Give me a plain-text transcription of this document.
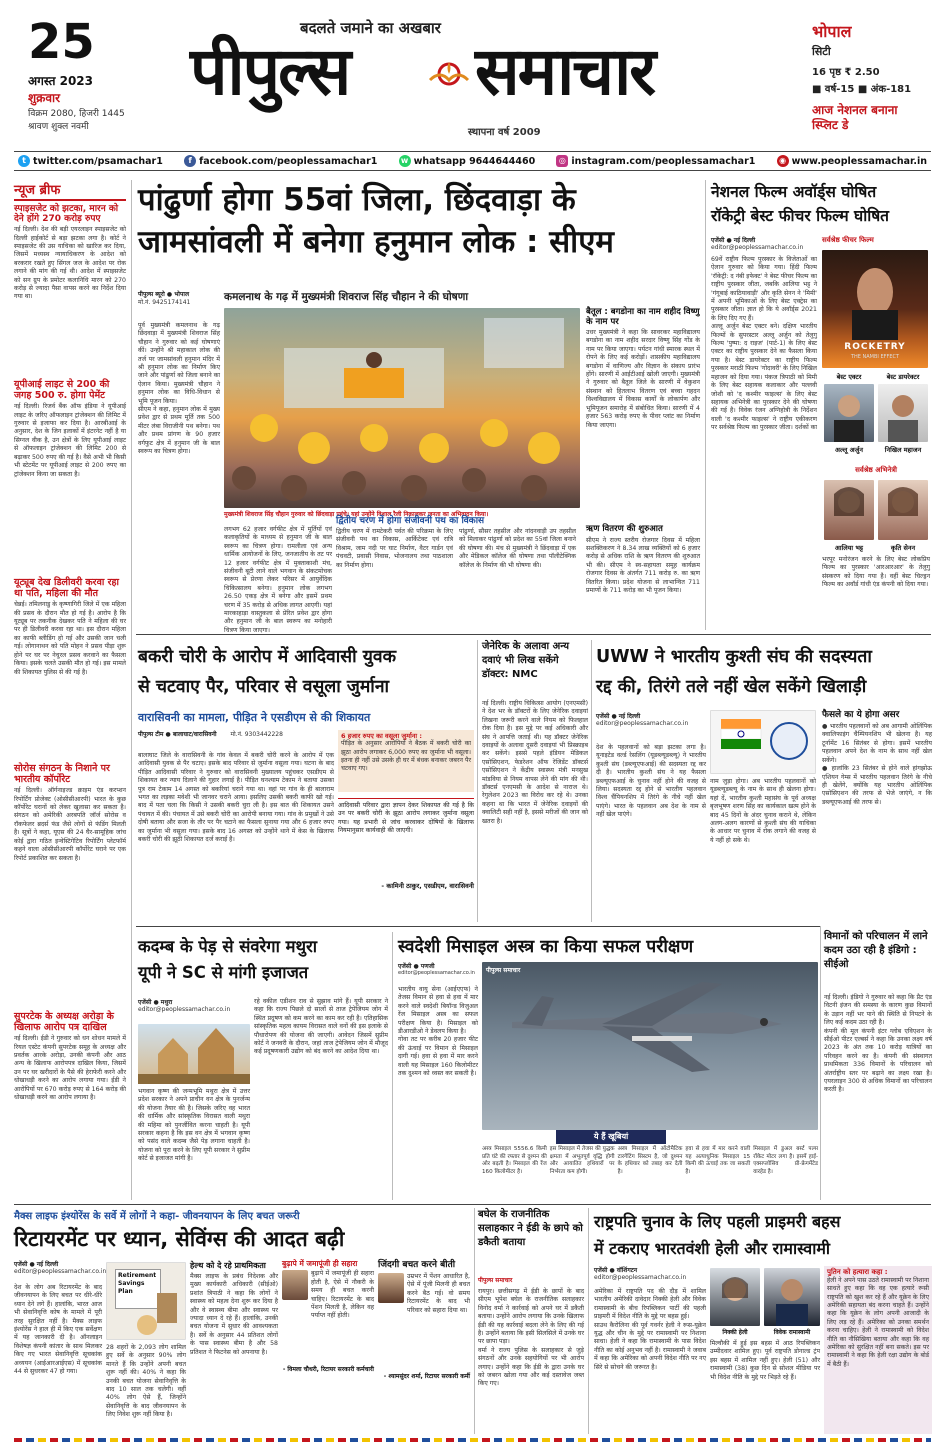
25
अगस्त 2023
शुक्रवार
विक्रम 2080, हिजरी 1445
श्रावण शुक्ल नवमी
बदलते जमाने का अखबार
पीपुल्स समाचार
स्थापना वर्ष 2009
भोपाल
सिटी
16 पृष्ठ ₹ 2.50
■ वर्ष-15 ■ अंक-181
आज नेशनल बनाना स्प्लिट डे
t twitter.com/psamachar1	f facebook.com/peoplessamachar1	w whatsapp 9644644460	◎ instagram.com/peoplessamachar1	◉ www.peoplessamachar.in
न्यूज ब्रीफ
स्पाइसजेट को झटका, मारन को देने होंगे 270 करोड़ रुपए
नई दिल्ली। देश की बड़ी एयरलाइन स्पाइसजेट को दिल्ली हाईकोर्ट से बड़ा झटका लगा है। कोर्ट ने स्पाइसजेट की उस याचिका को खारिज कर दिया, जिसमें मध्यस्थ न्यायाधिकरण के आदेश को बरकरार रखते हुए सिंगल जज के आदेश पर रोक लगाने की मांग की गई थी। आदेश में स्पाइसजेट को सन ग्रुप के प्रमोटर कलानिधि मारन को 270 करोड़ से ज्यादा पैसा वापस करने का निर्देश दिया गया था।
यूपीआई लाइट से 200 की जगह 500 रु. होगा पेमेंट
नई दिल्ली। रिजर्व बैंक ऑफ इंडिया ने यूपीआई लाइट के जरिए ऑफलाइन ट्रांजेक्शन की लिमिट में गुरुवार से इजाफा कर दिया है। आरबीआई के अनुसार, देश के जिन इलाकों में इंटरनेट नहीं है या सिग्नल वीक है, उन क्षेत्रों के लिए यूपीआई लाइट से ऑफलाइन ट्रांजेक्शन की लिमिट 200 से बढ़ाकर 500 रुपए की गई है। वैसे अभी भी किसी भी स्टेटमेंट पर यूपीआई लाइट से 200 रुपए का ट्रांजेक्शन किया जा सकता है।
यूट्यूब देख डिलीवरी करवा रहा था पति, महिला की मौत
चेन्नई। तमिलनाडु के कृष्णागिरी जिले में एक महिला की प्रसव के दौरान मौत हो गई है। आरोप है कि यूट्यूब पर तकनीक देखकर पति ने महिला की घर पर ही डिलीवरी करवा रहा था। इस दौरान महिला का काफी ब्लीडिंग हो गई और उसकी जान चली गई। लोगानाथन को पति मोहन ने प्रसव पीड़ा शुरू होने पर घर पर नेचुरल प्रसव करवाने का फैसला किया। इसके चलते उसकी मौत हो गई। इस मामले की शिकायत पुलिस से की गई है।
सोरोस संगठन के निशाने पर भारतीय कॉर्पोरेट
नई दिल्ली। ऑर्गनाइज्ड क्राइम एंड करप्शन रिपोर्टिंग प्रोजेक्ट (ओसीसीआरपी) भारत के कुछ कॉर्पोरेट घरानों को लेकर खुलासा कर सकता है। संगठन को अमेरिकी अरबपति जॉर्ज सोरोस व रॉकफेलर ब्रदर्स फंड जैसे लोगों से फंडिंग मिलती है। सूत्रों ने कहा, यूएस की 24 घैर-सामूहिक जांच कोई द्वारा गठित इन्वेस्टिगेटिव रिपोर्टिंग प्लेटफॉर्म कहने वाला ओसीसीआरपी कॉर्पोरेट घराने पर एक रिपोर्ट प्रकाशित कर सकता है।
सुपरटेक के अध्यक्ष अरोड़ा के खिलाफ आरोप पत्र दाखिल
नई दिल्ली। ईडी ने गुरुवार को धन शोधन मामले में रियल एस्टेट कंपनी सुपरटेक समूह के अध्यक्ष और प्रवर्तक आरके अरोड़ा, उनकी कंपनी और आठ अन्य के खिलाफ आरोपपत्र दाखिल किया, जिसमें उन पर घर खरीदारों के पैसे की हेराफेरी करने और धोखाधड़ी करने का आरोप लगाया गया। ईडी ने आरोपियों पर 670 करोड़ रुपए से 164 करोड़ की धोखाधड़ी करने का आरोप लगाया है।
पांढुर्णा होगा 55वां जिला, छिंदवाड़ा के
जामसांवली में बनेगा हनुमान लोक : सीएम
पीपुल्स ब्यूरो ● भोपाल
मो.नं. 9425174141	कमलनाथ के गढ़ में मुख्यमंत्री शिवराज सिंह चौहान ने की घोषणा
मुख्यमंत्री शिवराज सिंह चौहान गुरुवार को छिंदवाड़ा पहुंचे। यहां उन्होंने विशाल रैली निकालकर जनता का अभिवादन किया।
पूर्व मुख्यमंत्री कमलनाथ के गढ़ छिंदवाड़ा में मुख्यमंत्री शिवराज सिंह चौहान ने गुरुवार को कई घोषणाएं कीं। उन्होंने श्री महाकाल लोक की तर्ज पर जामसांवली हनुमान मंदिर में श्री हनुमान लोक का निर्माण किए जाने और पांढुर्णा को जिला बनाने का ऐलान किया। मुख्यमंत्री चौहान ने हनुमान लोक का विधि-विधान से भूमि पूजन किया।
सीएम ने कहा, हनुमान लोक में मुख्य प्रवेश द्वार से प्रथम मूर्ति तक 500 मीटर लंबा विराजीनी पथ बनेगा। पथ और प्रथम प्रांगण के 90 हजार वर्गफुट क्षेत्र में हनुमान जी के बाल स्वरूप का चित्रण होगा।
लगभग 62 हजार वर्गफीट क्षेत्र में मूर्तियों एवं कलाकृतियों के माध्यम से हनुमान जी के बाल स्वरूप का चित्रण होगा। रामलीला एवं अन्य धार्मिक आयोजनों के लिए, जनजातीय के तट पर 12 हजार वर्गफीट क्षेत्र में मुक्ताकाशी मंच, संजीवनी बूटी लाने वाले भगवान के संकटमोचक स्वरूप से प्रेरणा लेकर परिसर में आयुर्वेदिक चिकित्सालय बनेगा। हनुमान लोक लगभग 26.50 एकड़ क्षेत्र में बनेगा और इसमें प्रथम चरण में 35 करोड़ से अधिक लागत आएगी। यहां मारकाहाड़ा वास्तुकला से प्रेरित प्रवेश द्वार होगा और हनुमान जी के बाल स्वरूप का मनोहारी चित्रण किया जाएगा।
द्वितीय चरण में होगा संजीवनी पथ का विकास
द्वितीय चरण में रामटेकरी पर्वत की परिक्रमा के लिए संजीवनी पथ का विकास, आर्किटेक्ट एवं रात्रि विश्राम, जाम नदी पर घाट निर्माण, वैटर गार्डन एवं पंचवटी, प्रवासी निवास, भोजनालय तथा पाठशाला का निर्माण होगा।
पांढुर्णा, सौसर तहसील और नांदनवाड़ी उप तहसील को मिलाकर पांढुर्णा को प्रदेश का 55वां जिला बनाने की घोषणा की। मंच से मुख्यमंत्री ने छिंदवाड़ा में एक और मेडिकल कॉलेज की घोषणा तथा पॉलीटेक्निक कॉलेज के निर्माण की भी घोषणा की।
बैतूल : बगडोना का नाम शहीद विष्णु के नाम पर
उधर मुख्यमंत्री ने कहा कि सावरकर महाविद्यालय बगडोना का नाम शहीद सरदार विष्णु सिंह गोंड के नाम पर किया जाएगा। पर्यटन गांधी स्मारक स्थल में रोपने के लिए कई करोड़ों। शासकीय महाविद्यालय बगडोना में वाणिज्य और विज्ञान के संकाय प्रारंभ होंगे। सारणी में आईटीआई खोली जाएगी। मुख्यमंत्री ने गुरुवार को बैतूल जिले के सारणी में वेकुशन संस्थान को हितलाभ वितरण एवं बच्चा गहदन विश्वविद्यालय में विकास कार्यों के लोकार्पण और भूमिपूजन समारोह में संबोधित किया। सारणी में 4 हजार 563 करोड़ रुपए के पीवर प्लांट का निर्माण किया जाएगा।
ऋण वितरण की शुरुआत
सीएम ने राज्य स्तरीय रोजगार दिवस में महिला सशक्तिकरण ने 8.34 लाख व्यक्तियों को 6 हजार करोड़ से अधिक राशि के ऋण वितरण की शुरुआत भी की। सीएम ने स्व-सहायता समूह कार्यक्रम रोजगार दिवस के अंतर्गत 711 करोड़ रु. का ऋण वितरित किया। प्रदेश योजना से लाभान्वित 711 प्रमाणों के 711 करोड़ का भी पूजन किया।
नेशनल फिल्म अवॉर्ड्स घोषित
रॉकेट्री बेस्ट फीचर फिल्म घोषित
एजेंसी ● नई दिल्ली
editor@peoplessamachar.co.in
69वें राष्ट्रीय फिल्म पुरस्कार के विजेताओं का ऐलान गुरुवार को किया गया। हिंदी फिल्म 'रॉकेट्री: द नंबी इफेक्ट' ने बेस्ट फीचर फिल्म का राष्ट्रीय पुरस्कार जीता, जबकि आलिया भट्ट ने 'गंगूबाई काठियावाड़ी' और कृति सेनन ने 'मिमी' में अपनी भूमिकाओं के लिए बेस्ट एक्ट्रेस का पुरस्कार जीता। ज्ञात हो कि ये अवॉर्ड्स 2021 के लिए दिए गए हैं।
अल्लू अर्जुन बेस्ट एक्टर बने। दक्षिण भारतीय फिल्मों के सुपरस्टार अल्लू अर्जुन को तेलुगु फिल्म 'पुष्पा: द राइज' (पार्ट-1) के लिए बेस्ट एक्टर का राष्ट्रीय पुरस्कार देने का फैसला किया गया है। बेस्ट डायरेक्टर का राष्ट्रीय फिल्म पुरस्कार मराठी फिल्म 'गोदावरी' के लिए निखिल महाजन को दिया गया। पंकज त्रिपाठी को मिमी के लिए बेस्ट सहायक कलाकार और पल्लवी जोशी को 'द कश्मीर फाइल्स' के लिए बेस्ट सहायक अभिनेत्री का पुरस्कार देने की घोषणा की गई है। विवेक रंजन अग्निहोत्री के निर्देशन वाली 'द कश्मीर फाइल्स' ने राष्ट्रीय एकीकरण पर सर्वश्रेष्ठ फिल्म का पुरस्कार जीता। दर्शकों का
सर्वश्रेष्ठ फीचर फिल्म
ROCKETRY
THE NAMBI EFFECT
बेस्ट एक्टर	बेस्ट डायरेक्टर
अल्लू अर्जुन	निखिल महाजन
सर्वश्रेष्ठ अभिनेत्री
आलिया भट्ट	कृति सेनन
भरपूर मनोरंजन करने के लिए बेस्ट लोकप्रिय फिल्म का पुरस्कार 'आरआरआर' के तेलुगु संस्करण को दिया गया है। वहीं बेस्ट चिल्ड्रन फिल्म का अवॉर्ड गांधी एंड कंपनी को दिया गया।
बकरी चोरी के आरोप में आदिवासी युवक
से चटवाए पैर, परिवार से वसूला जुर्माना
वारासिवनी का मामला, पीड़ित ने एसडीएम से की शिकायत
पीपुल्स टीम ● बालाघाट/वारासिवनी मो.नं. 9303442228
बालाघाट जिले के वारासिवनी के गांव केवल में बकरी चोरी करने के आरोप में एक आदिवासी युवक से पैर चटाए। इसके बाद परिवार से जुर्माना वसूला गया। घटना के बाद पीड़ित आदिवासी परिवार ने गुरुवार को वारासिवनी मुख्यालय पहुंचकर एसडीएम से शिकायत कर न्याय दिलाने की गुहार लगाई है। पीड़ित घनश्याम टेकाम ने बताया उसका पुत्र राम टेकाम 14 अगस्त को बकरियां चराने गया था। वहां पर गांव के ही बालाराम भगत का लड़का मवेशी भी जानवर चराने आया। इसलिए उसकी बकरी काफी खो गई। बाद में पता चला कि किसी ने उसकी बकरी चुरा ली है। इस बात की शिकायत उसने पंचायत में की। पंचायत में उसे बकरी चोरी का आरोपी बनाया गया। गांव के प्रमुखों ने उसे दोषी बताया और सजा के तौर पर पैर चटाने का फैसला सुनाया गया और 6 हजार रुपए का जुर्माना भी वसूला गया। इसके बाद 16 अगस्त को उन्होंने थाने में केस के खिलाफ बकरी चोरी की झूठी शिकायत दर्ज कराई है।
6 हजार रुपए का वसूला जुर्माना :
पीड़ित के अनुसार आरोपियों ने बैठक में बकरी चोरी का झूठा आरोप लगाकर 6,000 रुपए का जुर्माना भी वसूला। इतना ही नहीं उसे उसके ही घर में बंधक बनाकर जबरन पैर चटवाए गए।
आदिवासी परिवार द्वारा ज्ञापन देकर शिकायत की गई है कि उन पर बकरी चोरी के झूठा आरोप लगाकर जुर्माना वसूला गया। यह प्रभारी से जांच करवाकर दोषियों के खिलाफ नियमानुसार कार्यवाही की जाएगी।
- कामिनी ठाकुर, एसडीएम, वारासिवनी
जेनेरिक के अलावा अन्य दवाएं भी लिख सकेंगे डॉक्टर: NMC
नई दिल्ली। राष्ट्रीय चिकित्सा आयोग (एनएमसी) ने देश भर के डॉक्टरों के लिए जेनेरिक दवाइयां लिखना जरूरी करने वाले नियम को फिलहाल रोक दिया है। इस मुद्दे पर कई अधिकारी और संघ ने आपत्ति जताई थी। यह डॉक्टर जेनेरिक दवाइयों के अलावा दूसरी दवाइयां भी प्रिस्क्राइब कर सकेंगे। इससे पहले इंडियन मेडिकल एसोसिएशन, फेडरेशन ऑफ रेजिडेंट डॉक्टर्स एसोसिएशन ने केंद्रीय स्वास्थ्य मंत्री मनसुख मांडविया से नियम वापस लेने की मांग की थी। डॉक्टर्स एनएमसी के आदेश से नाराज थे। रेगुलेशन 2023 का विरोध कर रहे थे। उनका कहना था कि भारत में जेनेरिक दवाइयों की क्वालिटी सही नहीं है, इससे मरीजों की जान को खतरा है।
UWW ने भारतीय कुश्ती संघ की सदस्यता
रद्द की, तिरंगे तले नहीं खेल सकेंगे खिलाड़ी
एजेंसी ● नई दिल्ली
editor@peoplessamachar.co.in
देश के पहलवानों को बड़ा झटका लगा है। यूनाइटेड वर्ल्ड रेसलिंग (यूडब्ल्यूडब्ल्यू) ने भारतीय कुश्ती संघ (डब्ल्यूएफआई) की सदस्यता रद्द कर दी है। भारतीय कुश्ती संघ ने यह फैसला डब्ल्यूएफआई के चुनाव नहीं होने की वजह से लिया। सदस्यता रद्द होने से भारतीय पहलवान विश्व चैंपियनशिप में तिरंगे के नीचे नहीं खेल पाएंगे। भारत के पहलवान अब देश के नाम से नहीं खेल पाएंगे।
नाम जुड़ा होगा। अब भारतीय पहलवानों को यूडब्ल्यूडब्ल्यू के नाम के साथ ही खेलना होगा। यहां दें, भारतीय कुश्ती महासंघ के पूर्व अध्यक्ष बृजभूषण शरण सिंह का कार्यकाल खत्म होने के बाद 45 दिनों के अंदर चुनाव कराने थे, लेकिन अलग-अलग कारणों से कुश्ती संघ की याचिका के आधार पर चुनाव में रोक लगाने की वजह से ये नहीं हो सके थे।
फैसले का ये होगा असर
● भारतीय पहलवानों को अब आगामी ओलिंपिक क्वालिफाइंग चैम्पियनशिप भी खेलना है। यह टूर्नामेंट 16 सितंबर से होगा। इसमें भारतीय पहलवान अपने देश के नाम के साथ नहीं खेल सकेंगे।
● हालांकि 23 सितंबर से होने वाले हांगझोऊ एशियन गेम्स में भारतीय पहलवान तिरंगे के नीचे ही खेलेंगे, क्योंकि यह भारतीय ओलिंपिक एसोसिएशन की तरफ से भेजे जाएंगे, न कि डब्ल्यूएफआई की तरफ से।
कदम्ब के पेड़ से संवरेगा मथुरा
यूपी ने SC से मांगी इजाजत
एजेंसी ● मथुरा
editor@peoplessamachar.co.in
भगवान कृष्ण की जन्मभूमि मथुरा क्षेत्र में उत्तर प्रदेश सरकार ने अपने प्राचीन वन क्षेत्र के पुनर्जन्म की योजना तैयार की है। जिसके जरिए वह भारत की धार्मिक और सांस्कृतिक विरासत वाली मथुरा की महिमा को पुनर्जीवित करना चाहती है। यूपी सरकार कहना है कि इस वन क्षेत्र में भगवान कृष्ण को पसंद वाले कदम्ब जैसे पेड़ लगाना चाहती है। योजना को पूरा करने के लिए यूपी सरकार ने सुप्रीम कोर्ट से इजाजत मांगी है।
रहे वकील एडीशन राव से सुझाव मांगे हैं। यूपी सरकार ने कहा कि राज्य पिछले दो सालों से ताज ट्रेपेजियम जोन में स्थित प्रदूषण को कम करने का काम कर रही है। एतिहासिक सांस्कृतिक महत्व कायम विरासत वाले वनों की इस इलाके से पौधारोपण की योजना की जाएगी। आवेदन जिसमें सुप्रीम कोर्ट ने जनवरी के दौरान, जहां ताज ट्रेपेजियम जोन में मौजूद कई प्रदूषणकारी उद्योग को बंद करने का आदेश दिया था।
स्वदेशी मिसाइल अस्त्र का किया सफल परीक्षण
एजेंसी ● पणजी
editor@peoplessamachar.co.in
भारतीय वायु सेना (आईएएफ) ने तेजस विमान से हवा से हवा में मार करने वाले स्वदेशी बियॉन्ड विजुअल रेंज मिसाइल अस्त्र का सफल परीक्षण किया है। मिसाइल को डीआरडीओ ने डेवलप किया है।
गोवा तट पर करीब 20 हजार फीट की ऊंचाई पर विमान से मिसाइल दागी गई। हवा से हवा में मार करने वाली यह मिसाइल 160 किलोमीटर तक दुश्मन को ध्वस्त कर सकती है।
पीपुल्स समाचार
ये हैं खूबियां
अस्त्र मिसाइल 5556.6 किमी प्रति घंटे की रफ्तार से दुश्मन की ओर बढ़ती है। मिसाइल की रेंज 160 किलोमीटर है।
इस मिसाइल में तेजस की युद्धक क्षमता में अभूतपूर्व वृद्धि होगी और आयातित हथियारों पर निर्भरता कम होगी।
अस्त्र मिसाइल में ऑटोमैटिक टारगेटिंग सिस्टम है, जो दुश्मन के हथियार को तबाह कर देती है।
हवा से हवा में मार करने वाली यह अत्याधुनिक मिसाइल 15 किमी की ऊंचाई तक जा सकती है।
मिसाइल में डुअल बर्स्ट पल्स रॉकेट मोटर लगा है। इसमें हाई-एक्सप्लोसिव प्री-फ्रेगमेंटेड वारहेड है।
विमानों को परिचालन में लाने कदम उठा रही है इंडिगो : सीईओ
नई दिल्ली। इंडिगो ने गुरुवार को कहा कि प्रैट एंड विटनी इंजन की समस्या के कारण कुछ विमानों के उड़ान नहीं भर पाने की स्थिति से निपटने के लिए कई कदम उठा रही है।
कंपनी की मूल कंपनी इंटर ग्लोब एविएशन के सीईओ पीटर एल्बर्स ने कहा कि उनका लक्ष्य वर्ष 2023 के अंत तक 10 करोड़ यात्रियों का परिवहन करने का है। कंपनी की संस्थागत प्राथमिकता 336 विमानों के परिचालन को अंतर्राष्ट्रीय स्तर पर बढ़ाने का लक्ष्य रखा है। एयरलाइन 300 से अधिक विमानों का परिचालन करती है।
मैक्स लाइफ इंश्योरेंस के सर्वे में लोगों ने कहा- जीवनयापन के लिए बचत जरूरी
रिटायरमेंट पर ध्यान, सेविंग्स की आदत बढ़ी
एजेंसी ● नई दिल्ली
editor@peoplessamachar.co.in
देश के लोग अब रिटायरमेंट के बाद जीवनयापन के लिए बचत पर धीरे-धीरे ध्यान देने लगे हैं। हालांकि, भारत आज भी सेवानिवृत्ति कोष के मामले में पूरी तरह सुरक्षित नहीं है। मैक्स लाइफ इंश्योरेंस ने हाल ही में किए एक सर्वेक्षण में यह जानकारी दी है। ऑनलाइन विशेषज्ञ कंपनी कांतार के साथ मिलकर किए गए भारत सेवानिवृत्ति सूचकांक अध्ययन (आईआरआईएस) में सूचकांक 44 से सुधरकर 47 हो गया।
Retirement Savings Plan
28 शहरों के 2,093 लोग शामिल हुए सर्वे के अनुसार 90% लोग मानते हैं कि उन्होंने अपनी बचत शुरू नहीं की। 40% ने कहा कि उनकी बचत योजना सेवानिवृत्ति के बाद 10 साल तक चलेगी। वहीं 40% लोग ऐसे हैं, जिन्होंने सेवानिवृत्ति के बाद जीवनयापन के लिए निवेश शुरू नहीं किया है।
हेल्थ को दे रहे प्राथमिकता
मैक्स लाइफ के प्रबंध निदेशक और मुख्य कार्यकारी अधिकारी (सीईओ) प्रशांत त्रिपाठी ने कहा कि लोगों ने स्वास्थ्य को महत्व देना शुरू कर दिया है और वे स्वास्थ्य बीमा और स्वास्थ्य पर ज्यादा ध्यान दे रहे हैं। हालांकि, उनकी बचत योजना में सुधार की आवश्यकता है। सर्वे के अनुसार 44 प्रतिशत लोगों के पास स्वास्थ्य बीमा है और 58 प्रतिशत ने फिटनेस को अपनाया है।
बुढ़ापे में जमापूंजी ही सहारा
बुढ़ापे में जमापूंजी ही सहारा होती है, ऐसे में नौकरी के समय ही बचत करनी चाहिए। रिटायरमेंट के बाद पेंशन मिलती है, लेकिन वह पर्याप्त नहीं होती।
- विमला चौधरी, रिटायर सरकारी कर्मचारी
जिंदगी बचत करने बीती
उम्रभर में पेंशन आधारित है, ऐसे में पूंजी मिलनी ही बचत करने बैठ गई। वो समय रिटायरमेंट के बाद भी परिवार को सहारा दिया था।
- श्यामसुंदर शर्मा, रिटायर सरकारी कर्मी
बघेल के राजनीतिक सलाहकार ने ईडी के छापे को डकैती बताया
पीपुल्स समाचार
रायपुर। छत्तीसगढ़ में ईडी के छापों के बाद सीएम भूपेश बघेल के राजनीतिक सलाहकार विनोद वर्मा ने कार्रवाई को अपने घर में डकैती बताया। उन्होंने आरोप लगाया कि उनके खिलाफ ईडी की यह कार्रवाई बदला लेने के लिए की गई है। उन्होंने बताया कि इसी सिलसिले में उनके घर पर छापा पड़ा।
वर्मा ने राज्य पुलिस के सलाहकार से जुड़े संगठनों और उनके सहयोगियों पर भी आरोप लगाए। उन्होंने कहा कि ईडी के द्वारा उनके घर को जबरन खोला गया और कई दस्तावेज जब्त किए गए।
राष्ट्रपति चुनाव के लिए पहली प्राइमरी बहस
में टकराए भारतवंशी हेली और रामास्वामी
एजेंसी ● वॉशिंगटन
editor@peoplessamachar.co.in
अमेरिका में राष्ट्रपति पद की दौड़ में शामिल भारतीय अमेरिकी दावेदार निक्की हेली और विवेक रामास्वामी के बीच रिपब्लिकन पार्टी की पहली प्राइमरी में विदेश नीति के मुद्दे पर बहस हुई।
साउथ कैरोलिना की पूर्व गवर्नर हेली ने रूस-यूक्रेन युद्ध और चीन के मुद्दे पर रामास्वामी पर निशाना साधा। हेली ने कहा कि रामास्वामी के पास विदेश नीति का कोई अनुभव नहीं है। रामास्वामी ने जवाब में कहा कि अमेरिका को अपनी विदेश नीति पर नए सिरे से सोचने की जरूरत है।
निक्की हेली	विवेक रामास्वामी
मिल्वौकी में हुई इस बहस में आठ रिपब्लिकन उम्मीदवार शामिल हुए। पूर्व राष्ट्रपति डोनाल्ड ट्रंप इस बहस में शामिल नहीं हुए। हेली (51) और रामास्वामी (38) कुछ दिन से सोशल मीडिया पर भी विदेश नीति के मुद्दे पर भिड़ते रहे हैं।
पुतिन को हत्यारा कहा :
हेली ने अपने पास उठते रामास्वामी पर निशाना साधते हुए कहा कि वह एक हत्यारे रूसी राष्ट्रपति को खुश कर रहे हैं और यूक्रेन के लिए अमेरिकी सहायता बंद करना चाहते हैं। उन्होंने कहा कि यूक्रेन के लोग अपनी आजादी के लिए लड़ रहे हैं। अमेरिका को उनका समर्थन करना चाहिए। हेली ने रामास्वामी को विदेश नीति का नौसिखिया बताया और कहा कि वह अमेरिका को सुरक्षित नहीं बना सकते। इस पर रामास्वामी ने कहा कि हेली रक्षा उद्योग के बोर्ड में बैठी हैं।
